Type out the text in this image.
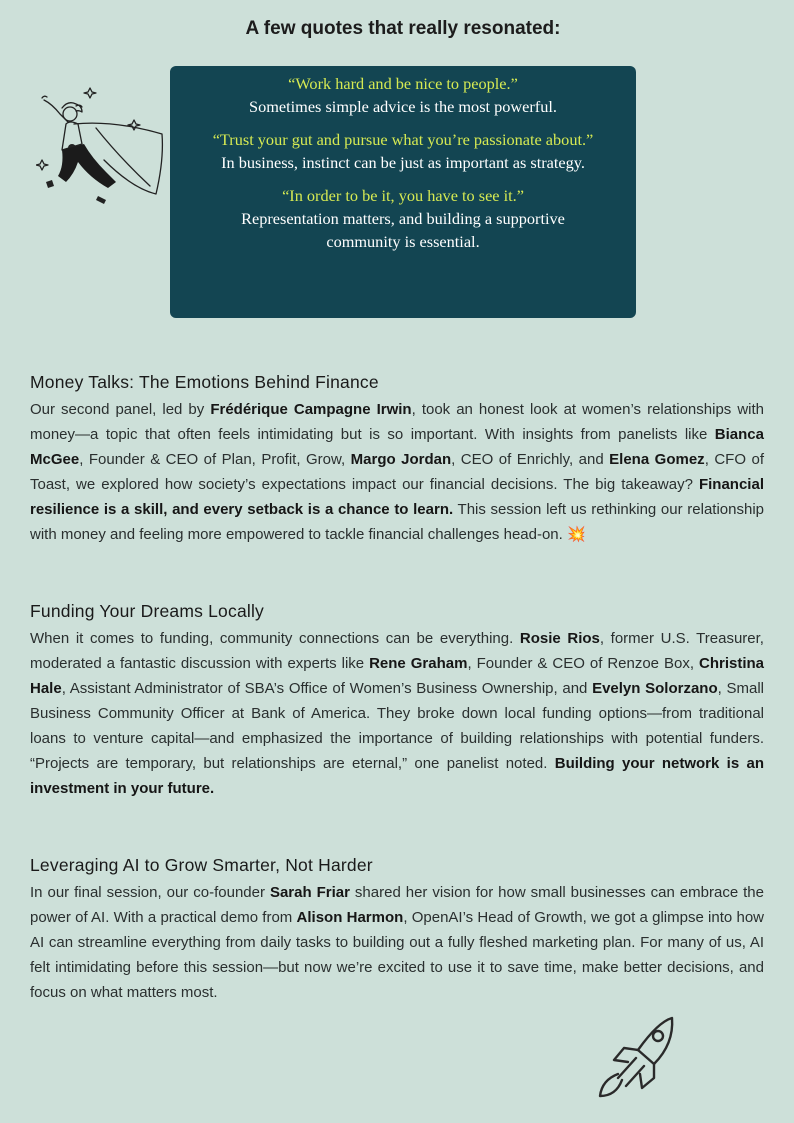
A few quotes that really resonated:
“Work hard and be nice to people.”
Sometimes simple advice is the most powerful.
“Trust your gut and pursue what you’re passionate about.”
In business, instinct can be just as important as strategy.
“In order to be it, you have to see it.”
Representation matters, and building a supportive community is essential.
Money Talks: The Emotions Behind Finance

Our second panel, led by Frédérique Campagne Irwin, took an honest look at women’s relationships with money—a topic that often feels intimidating but is so important. With insights from panelists like Bianca McGee, Founder & CEO of Plan, Profit, Grow, Margo Jordan, CEO of Enrichly, and Elena Gomez, CFO of Toast, we explored how society’s expectations impact our financial decisions. The big takeaway? Financial resilience is a skill, and every setback is a chance to learn. This session left us rethinking our relationship with money and feeling more empowered to tackle financial challenges head-on. 💥

Funding Your Dreams Locally

When it comes to funding, community connections can be everything. Rosie Rios, former U.S. Treasurer, moderated a fantastic discussion with experts like Rene Graham, Founder & CEO of Renzoe Box, Christina Hale, Assistant Administrator of SBA’s Office of Women’s Business Ownership, and Evelyn Solorzano, Small Business Community Officer at Bank of America. They broke down local funding options—from traditional loans to venture capital—and emphasized the importance of building relationships with potential funders. “Projects are temporary, but relationships are eternal,” one panelist noted. Building your network is an investment in your future.

Leveraging AI to Grow Smarter, Not Harder

In our final session, our co-founder Sarah Friar shared her vision for how small businesses can embrace the power of AI. With a practical demo from Alison Harmon, OpenAI’s Head of Growth, we got a glimpse into how AI can streamline everything from daily tasks to building out a fully fleshed marketing plan. For many of us, AI felt intimidating before this session—but now we’re excited to use it to save time, make better decisions, and focus on what matters most.
